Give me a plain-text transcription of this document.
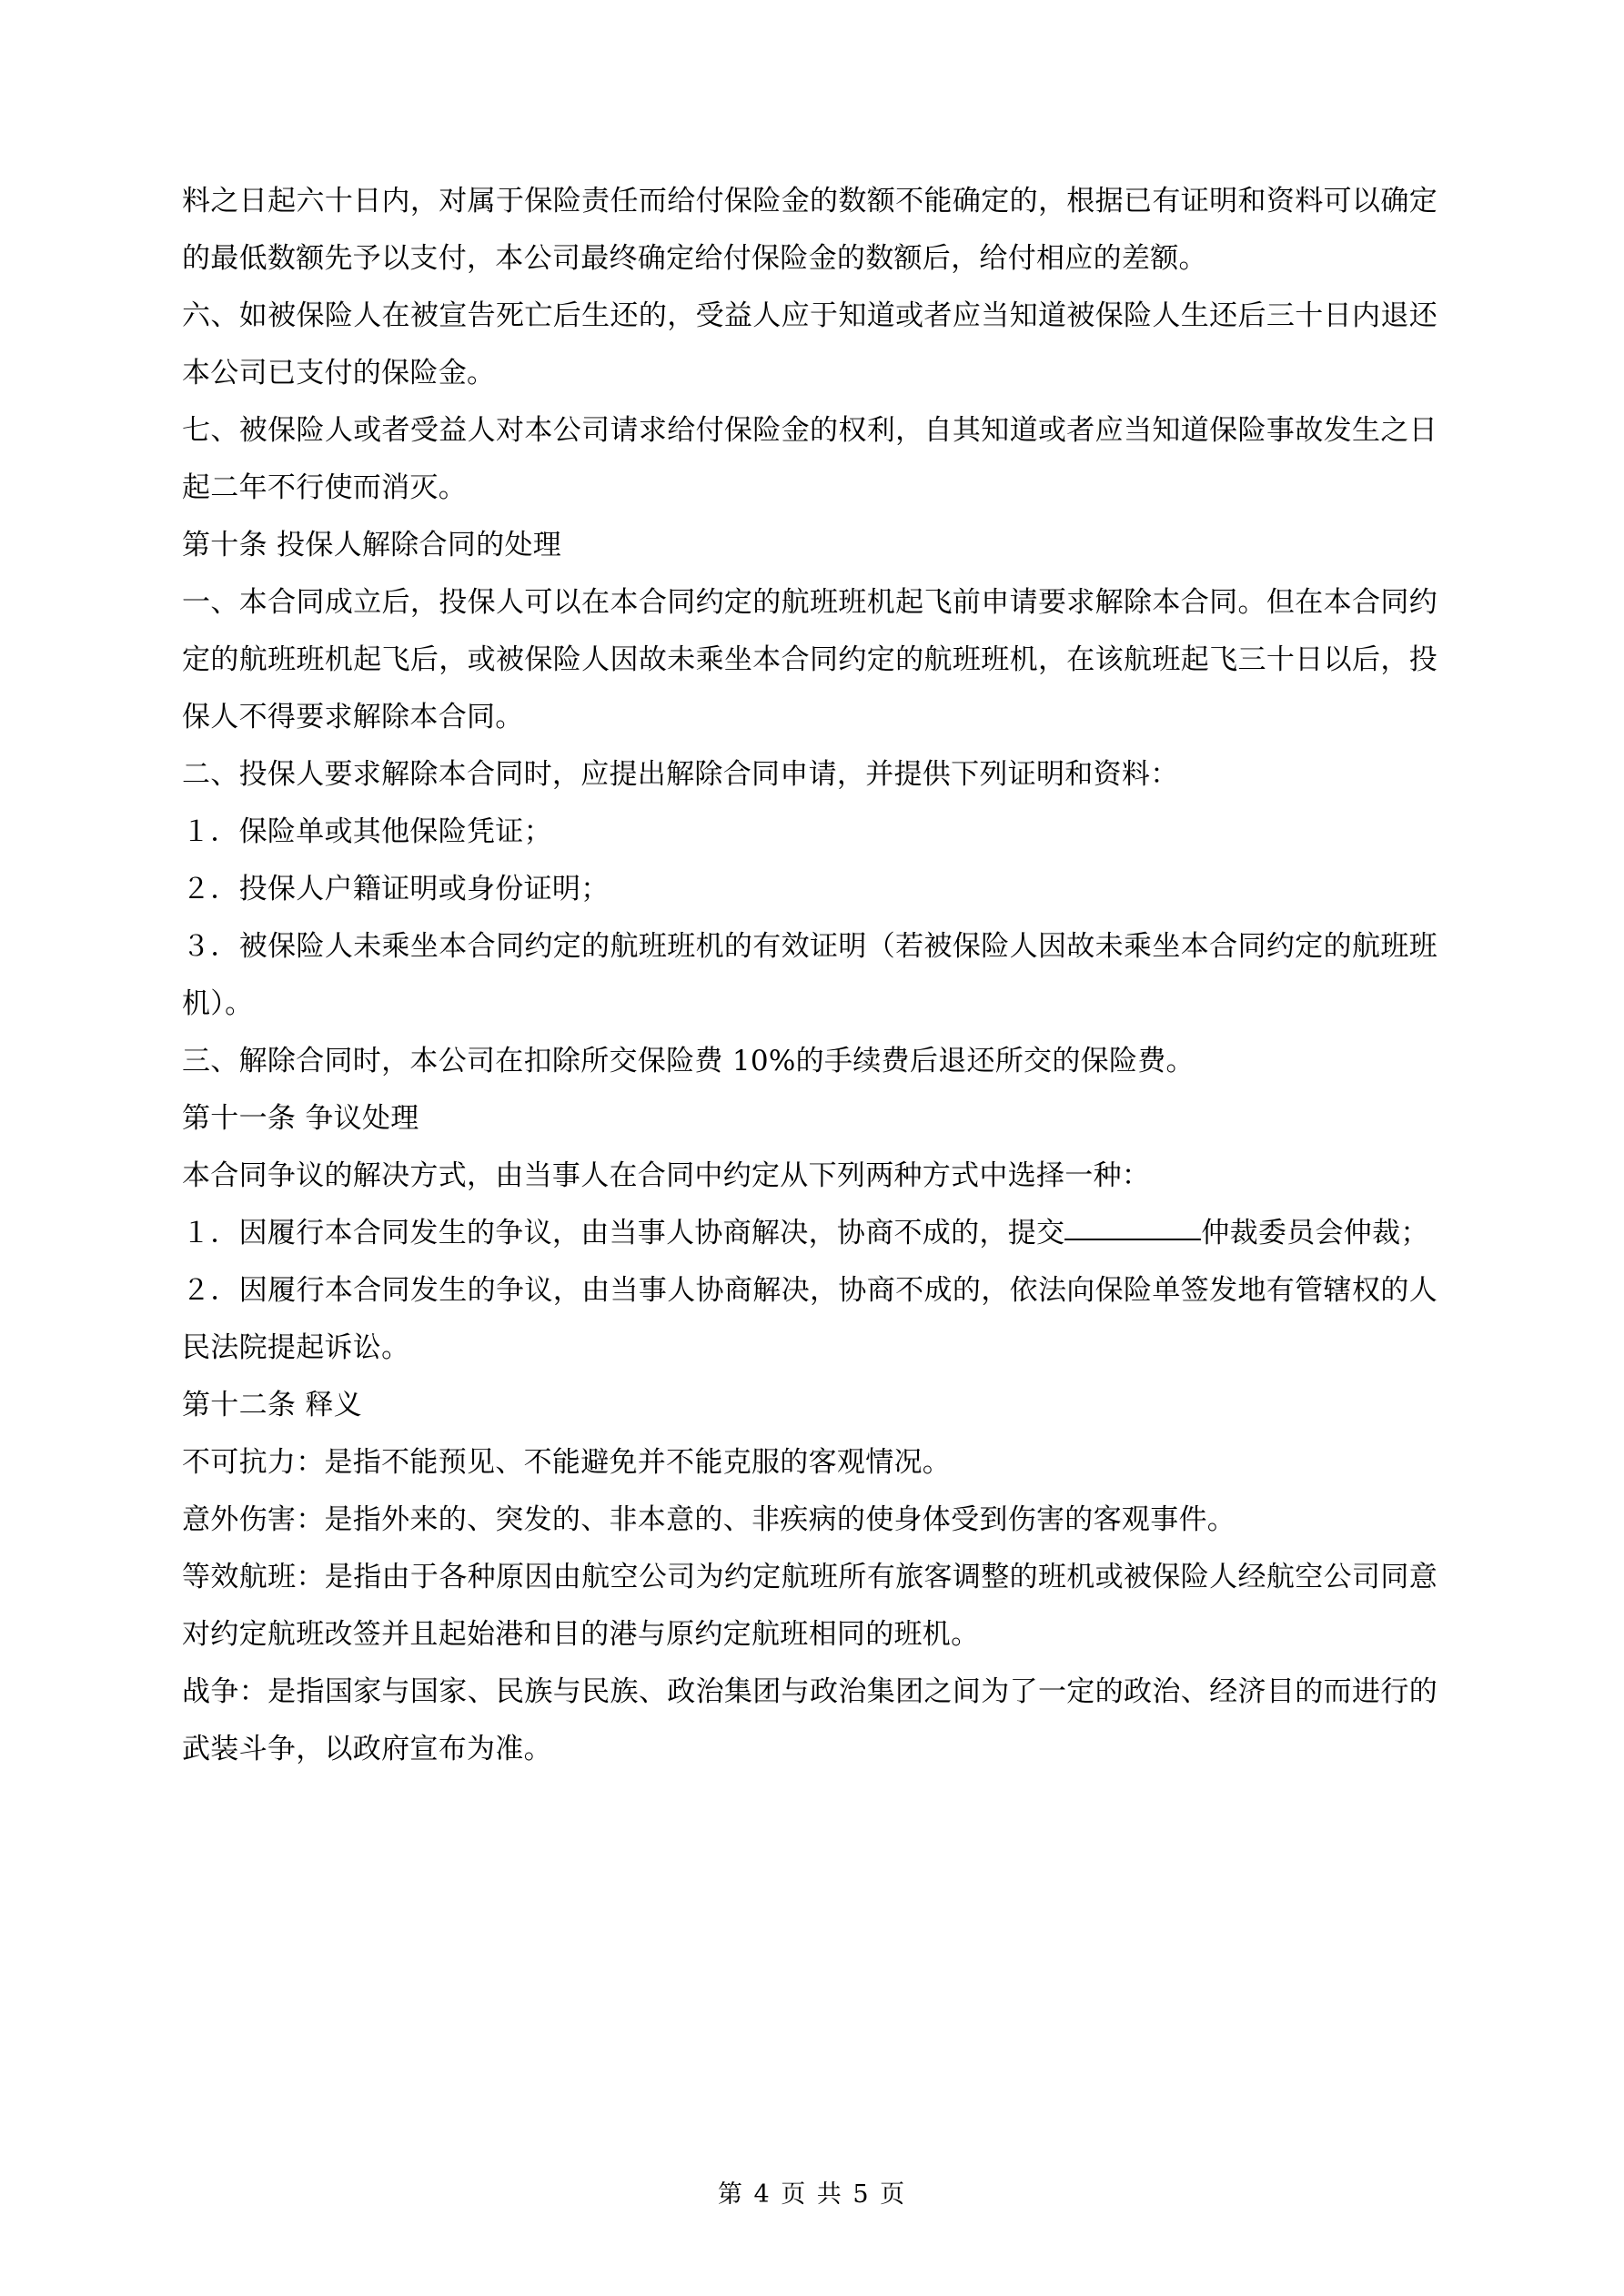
料之日起六十日内，对属于保险责任而给付保险金的数额不能确定的，根据已有证明和资料可以确定的最低数额先予以支付，本公司最终确定给付保险金的数额后，给付相应的差额。

六、如被保险人在被宣告死亡后生还的，受益人应于知道或者应当知道被保险人生还后三十日内退还本公司已支付的保险金。

七、被保险人或者受益人对本公司请求给付保险金的权利，自其知道或者应当知道保险事故发生之日起二年不行使而消灭。

第十条 投保人解除合同的处理

一、本合同成立后，投保人可以在本合同约定的航班班机起飞前申请要求解除本合同。但在本合同约定的航班班机起飞后，或被保险人因故未乘坐本合同约定的航班班机，在该航班起飞三十日以后，投保人不得要求解除本合同。

二、投保人要求解除本合同时，应提出解除合同申请，并提供下列证明和资料：

１．保险单或其他保险凭证；

２．投保人户籍证明或身份证明；

３．被保险人未乘坐本合同约定的航班班机的有效证明（若被保险人因故未乘坐本合同约定的航班班机）。

三、解除合同时，本公司在扣除所交保险费 10%的手续费后退还所交的保险费。

第十一条 争议处理

本合同争议的解决方式，由当事人在合同中约定从下列两种方式中选择一种：

１．因履行本合同发生的争议，由当事人协商解决，协商不成的，提交	仲裁委员会仲裁；

２．因履行本合同发生的争议，由当事人协商解决，协商不成的，依法向保险单签发地有管辖权的人民法院提起诉讼。

第十二条 释义

不可抗力：是指不能预见、不能避免并不能克服的客观情况。

意外伤害：是指外来的、突发的、非本意的、非疾病的使身体受到伤害的客观事件。

等效航班：是指由于各种原因由航空公司为约定航班所有旅客调整的班机或被保险人经航空公司同意对约定航班改签并且起始港和目的港与原约定航班相同的班机。

战争：是指国家与国家、民族与民族、政治集团与政治集团之间为了一定的政治、经济目的而进行的武装斗争，以政府宣布为准。

第 4 页 共 5 页
